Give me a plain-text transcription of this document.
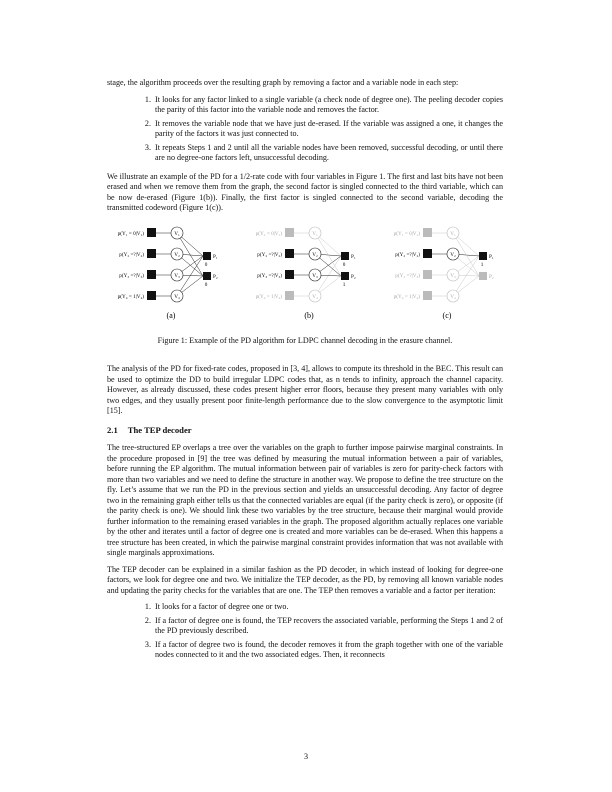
stage, the algorithm proceeds over the resulting graph by removing a factor and a variable node in each step:

1. It looks for any factor linked to a single variable (a check node of degree one). The peeling decoder copies the parity of this factor into the variable node and removes the factor.
2. It removes the variable node that we have just de-erased. If the variable was assigned a one, it changes the parity of the factors it was just connected to.
3. It repeats Steps 1 and 2 until all the variable nodes have been removed, successful decoding, or until there are no degree-one factors left, unsuccessful decoding.

We illustrate an example of the PD for a 1/2-rate code with four variables in Figure 1. The first and last bits have not been erased and when we remove them from the graph, the second factor is singled connected to the third variable, which can be now de-erased (Figure 1(b)). Finally, the first factor is singled connected to the second variable, decoding the transmitted codeword (Figure 1(c)).

p(Y₁ = 0|V₁)	V₁
p(Y₂ =?|V₂)	V₂
p(Y₃ =?|V₃)	V₃
p(Y₄ = 1|V₄)	V₄
P₁
0
P₂
0
(a)
p(Y₁ = 0|V₁)	V₁
p(Y₂ =?|V₂)	V₂
p(Y₃ =?|V₃)	V₃
p(Y₄ = 1|V₄)	V₄
P₁
0
P₂
1
(b)
p(Y₁ = 0|V₁)	V₁
p(Y₂ =?|V₂)	V₂
p(Y₃ =?|V₃)	V₃
p(Y₄ = 1|V₄)	V₄
P₁
1
P₂
(c)
Figure 1: Example of the PD algorithm for LDPC channel decoding in the erasure channel.

The analysis of the PD for fixed-rate codes, proposed in [3, 4], allows to compute its threshold in the BEC. This result can be used to optimize the DD to build irregular LDPC codes that, as n tends to infinity, approach the channel capacity. However, as already discussed, these codes present higher error floors, because they present many variables with only two edges, and they usually present poor finite-length performance due to the slow convergence to the asymptotic limit [15].

2.1 The TEP decoder

The tree-structured EP overlaps a tree over the variables on the graph to further impose pairwise marginal constraints. In the procedure proposed in [9] the tree was defined by measuring the mutual information between a pair of variables, before running the EP algorithm. The mutual information between pair of variables is zero for parity-check factors with more than two variables and we need to define the structure in another way. We propose to define the tree structure on the fly. Let’s assume that we run the PD in the previous section and yields an unsuccessful decoding. Any factor of degree two in the remaining graph either tells us that the connected variables are equal (if the parity check is zero), or opposite (if the parity check is one). We should link these two variables by the tree structure, because their marginal would provide further information to the remaining erased variables in the graph. The proposed algorithm actually replaces one variable by the other and iterates until a factor of degree one is created and more variables can be de-erased. When this happens a tree structure has been created, in which the pairwise marginal constraint provides information that was not available with single marginals approximations.

The TEP decoder can be explained in a similar fashion as the PD decoder, in which instead of looking for degree-one factors, we look for degree one and two. We initialize the TEP decoder, as the PD, by removing all known variable nodes and updating the parity checks for the variables that are one. The TEP then removes a variable and a factor per iteration:

1. It looks for a factor of degree one or two.
2. If a factor of degree one is found, the TEP recovers the associated variable, performing the Steps 1 and 2 of the PD previously described.
3. If a factor of degree two is found, the decoder removes it from the graph together with one of the variable nodes connected to it and the two associated edges. Then, it reconnects
3
